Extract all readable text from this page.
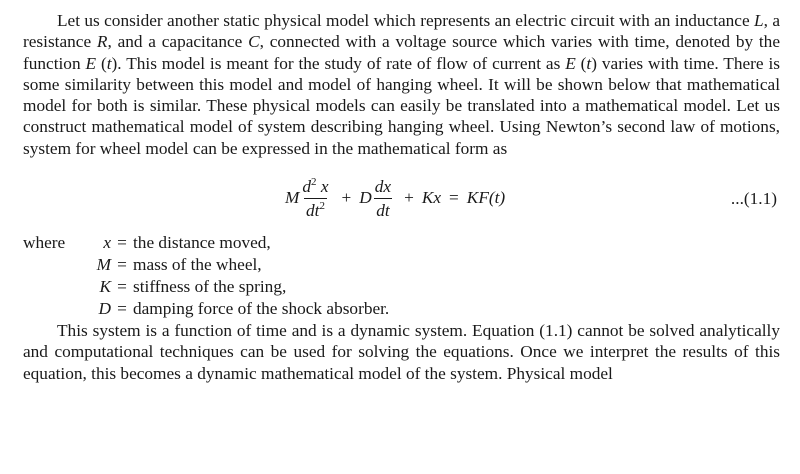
Let us consider another static physical model which represents an electric circuit with an inductance L, a resistance R, and a capacitance C, connected with a voltage source which varies with time, denoted by the function E (t). This model is meant for the study of rate of flow of current as E (t) varies with time. There is some similarity between this model and model of hanging wheel. It will be shown below that mathematical model for both is similar. These physical models can easily be translated into a mathematical model. Let us construct mathematical model of system describing hanging wheel. Using Newton’s second law of motions, system for wheel model can be expressed in the mathematical form as

M $\frac{d^2 x}{dt^2} + D \frac{dx}{dt} + Kx = KF(t)$	...(1.1)
where	x = the distance moved,
M = mass of the wheel,
K = stiffness of the spring,
D = damping force of the shock absorber.

This system is a function of time and is a dynamic system. Equation (1.1) cannot be solved analytically and computational techniques can be used for solving the equations. Once we interpret the results of this equation, this becomes a dynamic mathematical model of the system. Physical model
